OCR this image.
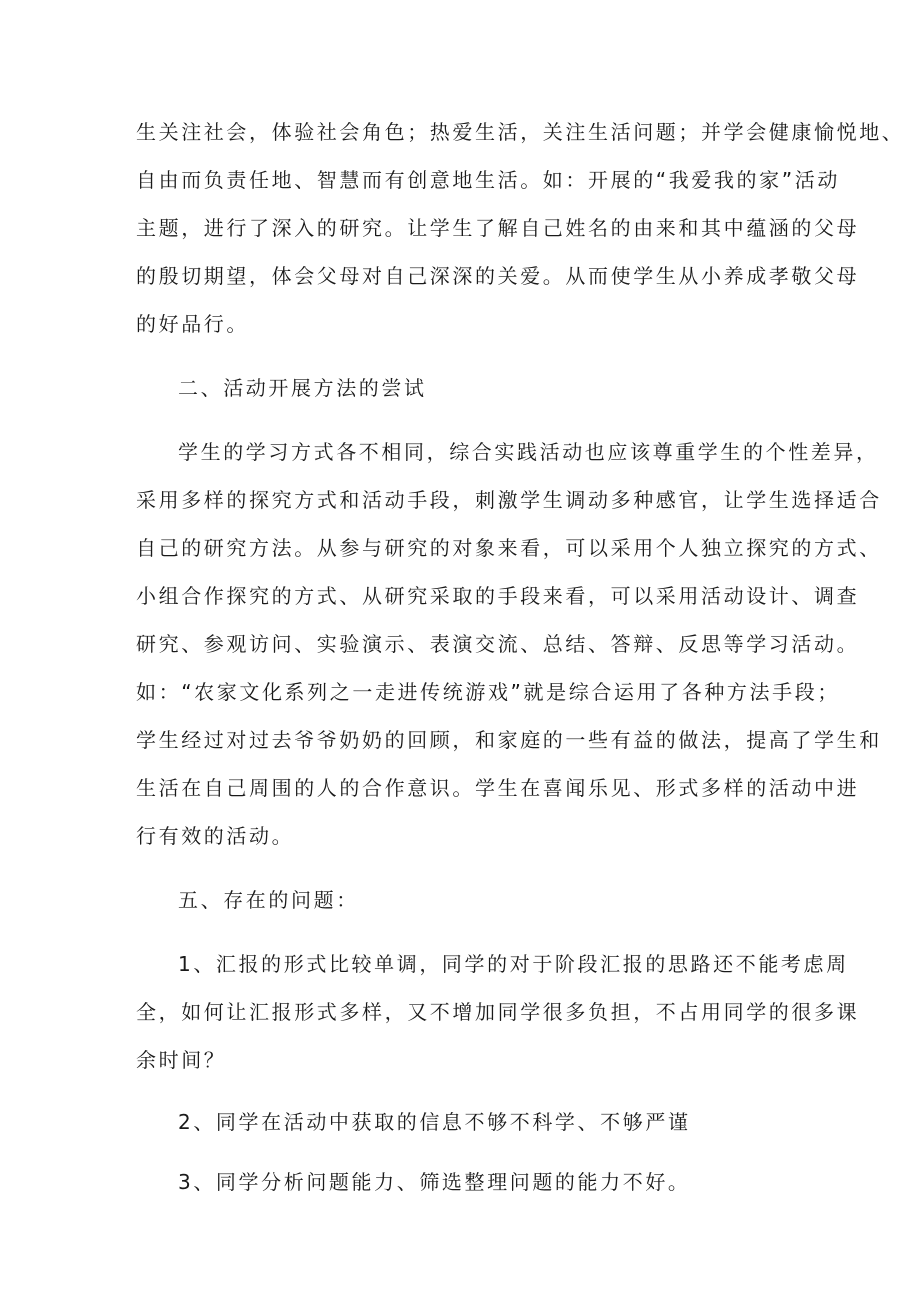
生关注社会，体验社会角色；热爱生活，关注生活问题；并学会健康愉悦地、
自由而负责任地、智慧而有创意地生活。如：开展的“我爱我的家”活动
主题，进行了深入的研究。让学生了解自己姓名的由来和其中蕴涵的父母
的殷切期望，体会父母对自己深深的关爱。从而使学生从小养成孝敬父母
的好品行。
二、活动开展方法的尝试
学生的学习方式各不相同，综合实践活动也应该尊重学生的个性差异，
采用多样的探究方式和活动手段，刺激学生调动多种感官，让学生选择适合
自己的研究方法。从参与研究的对象来看，可以采用个人独立探究的方式、
小组合作探究的方式、从研究采取的手段来看，可以采用活动设计、调查
研究、参观访问、实验演示、表演交流、总结、答辩、反思等学习活动。
如：“农家文化系列之一走进传统游戏”就是综合运用了各种方法手段；
学生经过对过去爷爷奶奶的回顾，和家庭的一些有益的做法，提高了学生和
生活在自己周围的人的合作意识。学生在喜闻乐见、形式多样的活动中进
行有效的活动。
五、存在的问题：
1、汇报的形式比较单调，同学的对于阶段汇报的思路还不能考虑周
全，如何让汇报形式多样，又不增加同学很多负担，不占用同学的很多课
余时间？
2、同学在活动中获取的信息不够不科学、不够严谨
3、同学分析问题能力、筛选整理问题的能力不好。
